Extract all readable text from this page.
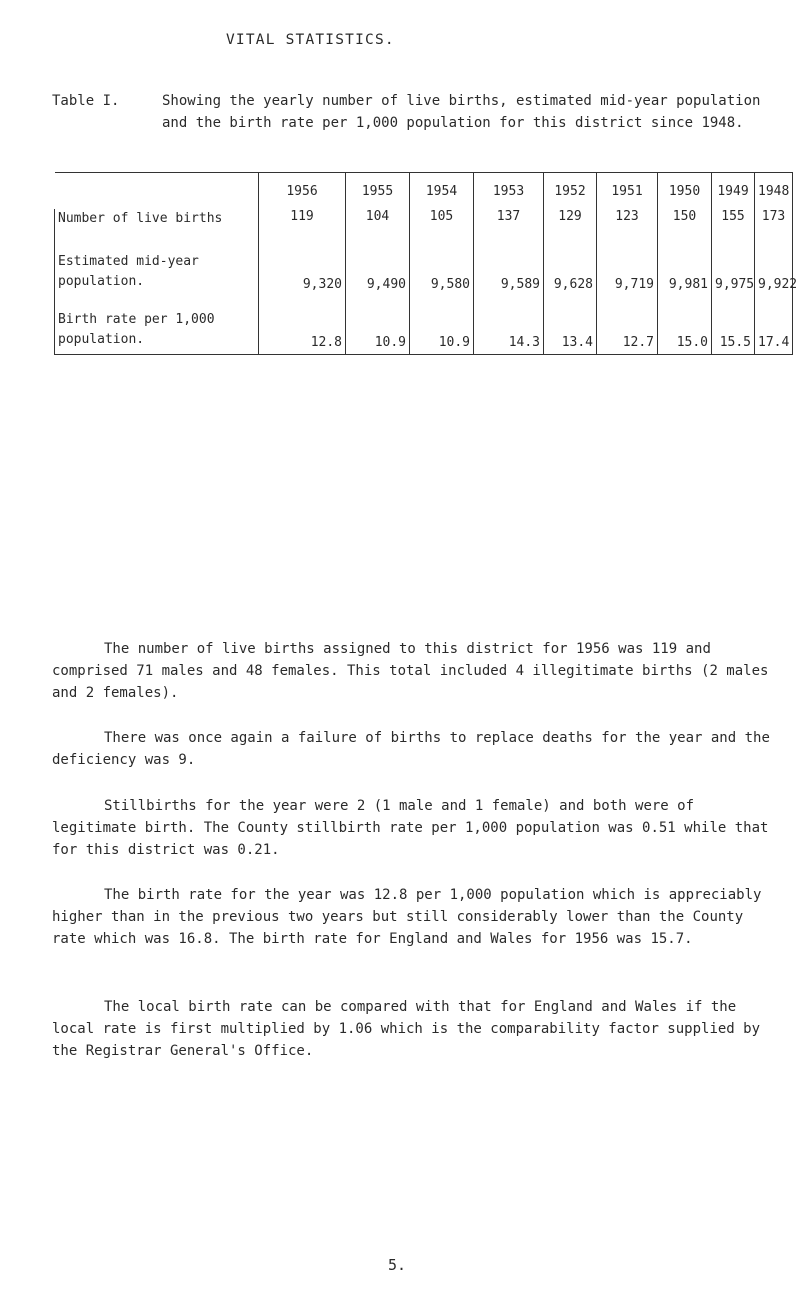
VITAL STATISTICS.
Table I.	Showing the yearly number of live births, estimated mid-year population and the birth rate per 1,000 population for this district since 1948.
	1956	1955	1954	1953	1952	1951	1950	1949	1948
Number of live births	119	104	105	137	129	123	150	155	173
Estimated mid-year
population.	9,320	9,490	9,580	9,589	9,628	9,719	9,981	9,975	9,922
Birth rate per 1,000
population.	12.8	10.9	10.9	14.3	13.4	12.7	15.0	15.5	17.4

The number of live births assigned to this district for 1956 was 119 and comprised 71 males and 48 females. This total included 4 illegitimate births (2 males and 2 females).

There was once again a failure of births to replace deaths for the year and the deficiency was 9.

Stillbirths for the year were 2 (1 male and 1 female) and both were of legitimate birth. The County stillbirth rate per 1,000 population was 0.51 while that for this district was 0.21.

The birth rate for the year was 12.8 per 1,000 population which is appreciably higher than in the previous two years but still considerably lower than the County rate which was 16.8. The birth rate for England and Wales for 1956 was 15.7.

The local birth rate can be compared with that for England and Wales if the local rate is first multiplied by 1.06 which is the comparability factor supplied by the Registrar General's Office.

5.
